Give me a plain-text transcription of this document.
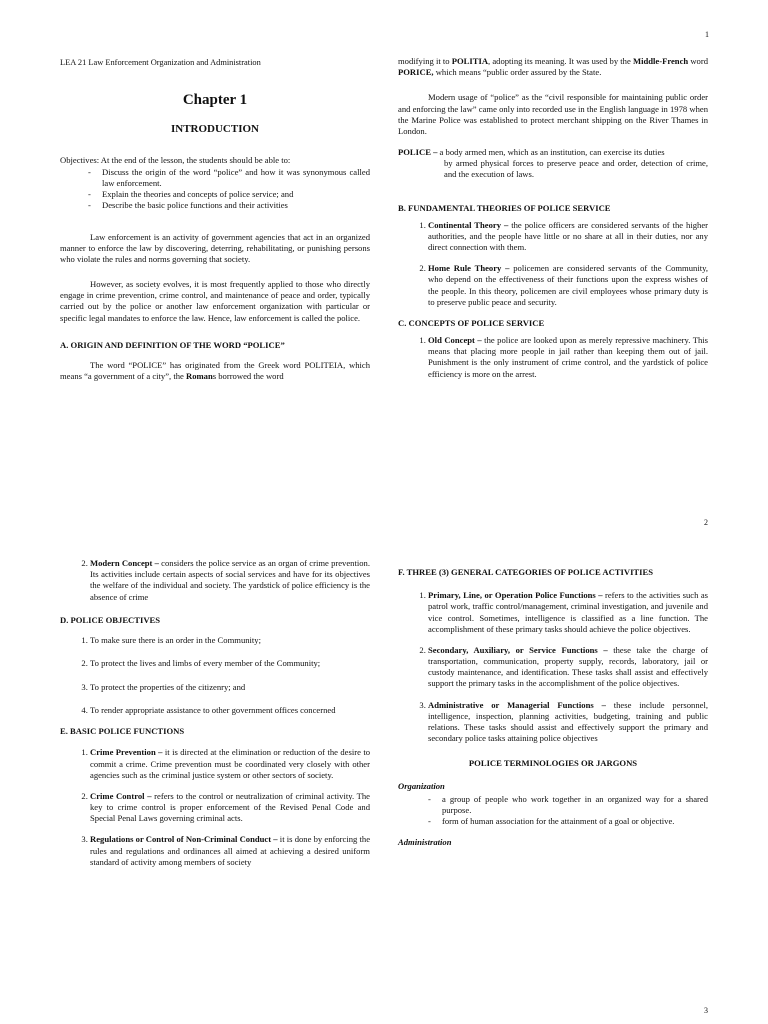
1
LEA 21 Law Enforcement Organization and Administration
Chapter 1
INTRODUCTION

Objectives: At the end of the lesson, the students should be able to:

- Discuss the origin of the word “police” and how it was synonymous called law enforcement.
- Explain the theories and concepts of police service; and
- Describe the basic police functions and their activities

Law enforcement is an activity of government agencies that act in an organized manner to enforce the law by discovering, deterring, rehabilitating, or punishing persons who violate the rules and norms governing that society.

However, as society evolves, it is most frequently applied to those who directly engage in crime prevention, crime control, and maintenance of peace and order, typically carried out by the police or another law enforcement organization with particular or specific legal mandates to enforce the law. Hence, law enforcement is called the police.

A. ORIGIN AND DEFINITION OF THE WORD “POLICE”

The word “POLICE” has originated from the Greek word POLITEIA, which means “a government of a city”, the Romans borrowed the word

modifying it to POLITIA, adopting its meaning. It was used by the Middle-French word PORICE, which means “public order assured by the State.

Modern usage of “police” as the “civil responsible for maintaining public order and enforcing the law” came only into recorded use in the English language in 1978 when the Marine Police was established to protect merchant shipping on the River Thames in London.

POLICE – a body armed men, which as an institution, can exercise its duties
by armed physical forces to preserve peace and order, detection of crime, and the execution of laws.

B. FUNDAMENTAL THEORIES OF POLICE SERVICE
1. Continental Theory – the police officers are considered servants of the higher authorities, and the people have little or no share at all in their duties, nor any direct connection with them.
2. Home Rule Theory – policemen are considered servants of the Community, who depend on the effectiveness of their functions upon the express wishes of the people. In this theory, policemen are civil employees whose primary duty is to preserve public peace and security.
C. CONCEPTS OF POLICE SERVICE
1. Old Concept – the police are looked upon as merely repressive machinery. This means that placing more people in jail rather than keeping them out of jail. Punishment is the only instrument of crime control, and the yardstick of police efficiency is more on the arrest.
2
3
2. Modern Concept – considers the police service as an organ of crime prevention. Its activities include certain aspects of social services and have for its objectives the welfare of the individual and society. The yardstick of police efficiency is the absence of crime
D. POLICE OBJECTIVES
1. To make sure there is an order in the Community;
2. To protect the lives and limbs of every member of the Community;
3. To protect the properties of the citizenry; and
4. To render appropriate assistance to other government offices concerned
E. BASIC POLICE FUNCTIONS
1. Crime Prevention – it is directed at the elimination or reduction of the desire to commit a crime. Crime prevention must be coordinated very closely with other agencies such as the criminal justice system or other sectors of society.
2. Crime Control – refers to the control or neutralization of criminal activity. The key to crime control is proper enforcement of the Revised Penal Code and Special Penal Laws governing criminal acts.
3. Regulations or Control of Non-Criminal Conduct – it is done by enforcing the rules and regulations and ordinances all aimed at achieving a desired uniform standard of activity among members of society
F. THREE (3) GENERAL CATEGORIES OF POLICE ACTIVITIES
1. Primary, Line, or Operation Police Functions – refers to the activities such as patrol work, traffic control/management, criminal investigation, and juvenile and vice control. Sometimes, intelligence is classified as a line function. The accomplishment of these primary tasks should achieve the police objectives.
2. Secondary, Auxiliary, or Service Functions – these take the charge of transportation, communication, property supply, records, laboratory, jail or custody maintenance, and identification. These tasks shall assist and effectively support the primary tasks in the accomplishment of the police objectives.
3. Administrative or Managerial Functions – these include personnel, intelligence, inspection, planning activities, budgeting, training and public relations. These tasks should assist and effectively support the primary and secondary police tasks attaining police objectives
POLICE TERMINOLOGIES OR JARGONS
Organization
- a group of people who work together in an organized way for a shared purpose.
- form of human association for the attainment of a goal or objective.
Administration
